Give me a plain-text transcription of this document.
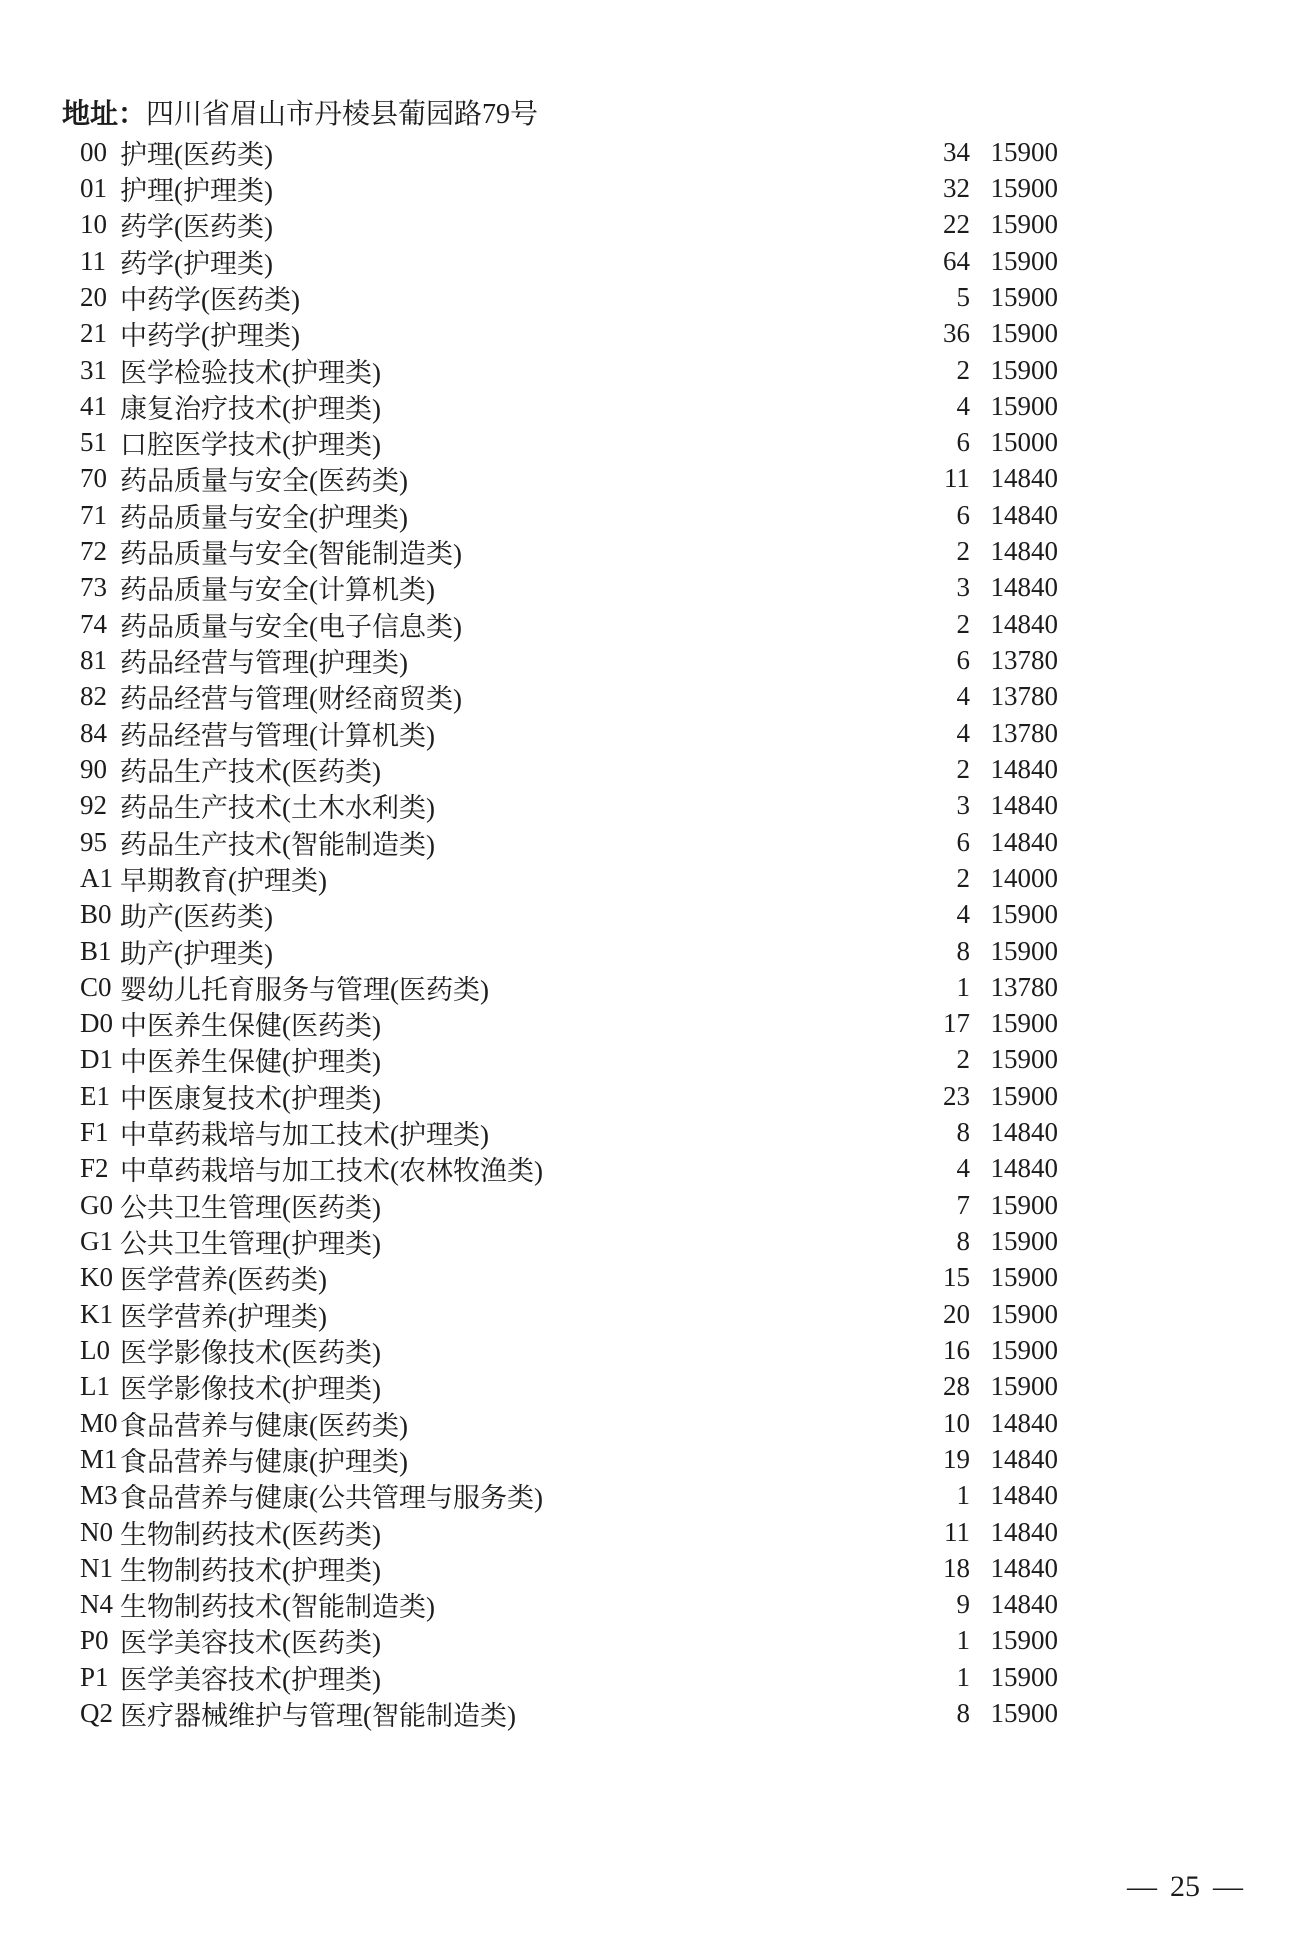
地址：四川省眉山市丹棱县葡园路79号
00 护理(医药类)	34 15900
01 护理(护理类)	32 15900
10 药学(医药类)	22 15900
11 药学(护理类)	64 15900
20 中药学(医药类)	5 15900
21 中药学(护理类)	36 15900
31 医学检验技术(护理类)	2 15900
41 康复治疗技术(护理类)	4 15900
51 口腔医学技术(护理类)	6 15000
70 药品质量与安全(医药类)	11 14840
71 药品质量与安全(护理类)	6 14840
72 药品质量与安全(智能制造类)	2 14840
73 药品质量与安全(计算机类)	3 14840
74 药品质量与安全(电子信息类)	2 14840
81 药品经营与管理(护理类)	6 13780
82 药品经营与管理(财经商贸类)	4 13780
84 药品经营与管理(计算机类)	4 13780
90 药品生产技术(医药类)	2 14840
92 药品生产技术(土木水利类)	3 14840
95 药品生产技术(智能制造类)	6 14840
A1 早期教育(护理类)	2 14000
B0 助产(医药类)	4 15900
B1 助产(护理类)	8 15900
C0 婴幼儿托育服务与管理(医药类)	1 13780
D0 中医养生保健(医药类)	17 15900
D1 中医养生保健(护理类)	2 15900
E1 中医康复技术(护理类)	23 15900
F1 中草药栽培与加工技术(护理类)	8 14840
F2 中草药栽培与加工技术(农林牧渔类)	4 14840
G0 公共卫生管理(医药类)	7 15900
G1 公共卫生管理(护理类)	8 15900
K0 医学营养(医药类)	15 15900
K1 医学营养(护理类)	20 15900
L0 医学影像技术(医药类)	16 15900
L1 医学影像技术(护理类)	28 15900
M0 食品营养与健康(医药类)	10 14840
M1 食品营养与健康(护理类)	19 14840
M3 食品营养与健康(公共管理与服务类)	1 14840
N0 生物制药技术(医药类)	11 14840
N1 生物制药技术(护理类)	18 14840
N4 生物制药技术(智能制造类)	9 14840
P0 医学美容技术(医药类)	1 15900
P1 医学美容技术(护理类)	1 15900
Q2 医疗器械维护与管理(智能制造类)	8 15900
— 25 —
